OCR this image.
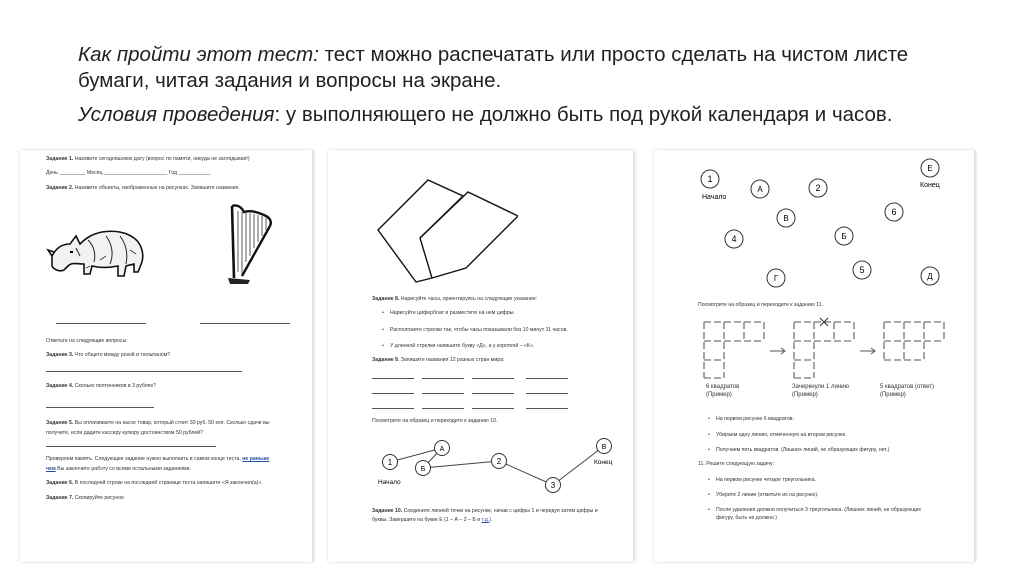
Как пройти этот тест: тест можно распечатать или просто сделать на чистом листе бумаги, читая задания и вопросы на экране.

Условия проведения: у выполняющего не должно быть под рукой календаря и часов.

Задание 1. Назовите сегодняшнюю дату (вопрос по памяти, никуда не заглядывая!)
День _________ Месяц ______________________ Год ___________
Задание 2. Назовите объекты, изображенные на рисунках. Запишите названия.
Ответьте на следующие вопросы:
Задание 3. Что общего между розой и тюльпаном?
Задание 4. Сколько полтинников в 3 рублях?
Задание 5. Вы оплачиваете на кассе товар, который стоит 30 руб. 50 коп. Сколько сдачи вы
получите, если дадите кассиру купюру достоинством 50 рублей?
Проверяем память. Следующее задание нужно выполнить в самом конце теста, не раньше
чем Вы закончите работу со всеми остальными заданиями.
Задание 6. В последней строке на последней странице теста напишите «Я закончил(а)».
Задание 7. Скопируйте рисунок:
Задание 8. Нарисуйте часы, ориентируясь на следующие указания:
• Нарисуйте циферблат и разместите на нем цифры.
• Расположите стрелки так, чтобы часы показывали без 10 минут 11 часов.
• У длинной стрелки напишите букву «Д», а у короткой – «К».
Задание 9. Запишите названия 12 разных стран мира:
Посмотрите на образец и переходите к заданию 10.
1
А
Б
2
3
В
Начало
Конец
Задание 10. Соедините линией точки на рисунке, начав с цифры 1 и чередуя затем цифры и
буквы. Завершите на букве Е (1 – А – 2 – Б и т.д.).
1
Начало
А	2
Е
Конец
6
В
Б
4
5
Г	Д
Посмотрите на образец и переходите к заданию 11.
6 квадратов
(Пример)
Зачеркнули 1 линию
(Пример)
5 квадратов (ответ)
(Пример)
• На первом рисунке 6 квадратов.
• Убираем одну линию, отмеченную на втором рисунке.
• Получаем пять квадратов. (Лишних линий, не образующих фигуру, нет.)
11. Решите следующую задачу:
• На первом рисунке четыре треугольника.
• Уберите 2 линии (отметьте их на рисунке).
• После удаления должно получиться 3 треугольника. (Лишних линий, не образующих
фигуру, быть не должно.)
